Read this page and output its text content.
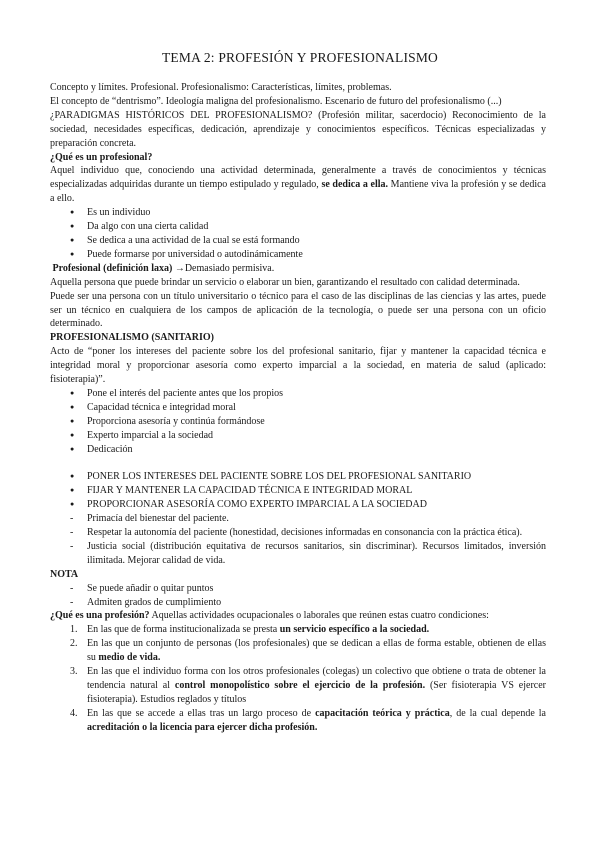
TEMA 2: PROFESIÓN Y PROFESIONALISMO

Concepto y límites. Profesional. Profesionalismo: Características, límites, problemas.

El concepto de “dentrismo”. Ideología maligna del profesionalismo. Escenario de futuro del profesionalismo (...)

¿PARADIGMAS HISTÓRICOS DEL PROFESIONALISMO? (Profesión militar, sacerdocio) Reconocimiento de la sociedad, necesidades específicas, dedicación, aprendizaje y conocimientos específicos. Técnicas especializadas y preparación concreta.

¿Qué es un profesional?

Aquel individuo que, conociendo una actividad determinada, generalmente a través de conocimientos y técnicas especializadas adquiridas durante un tiempo estipulado y regulado, se dedica a ella. Mantiene viva la profesión y se dedica a ello.

● Es un individuo
● Da algo con una cierta calidad
● Se dedica a una actividad de la cual se está formando
● Puede formarse por universidad o autodinámicamente

Profesional (definición laxa) →Demasiado permisiva.

Aquella persona que puede brindar un servicio o elaborar un bien, garantizando el resultado con calidad determinada.

Puede ser una persona con un título universitario o técnico para el caso de las disciplinas de las ciencias y las artes, puede ser un técnico en cualquiera de los campos de aplicación de la tecnología, o puede ser una persona con un oficio determinado.

PROFESIONALISMO (SANITARIO)

Acto de “poner los intereses del paciente sobre los del profesional sanitario, fijar y mantener la capacidad técnica e integridad moral y proporcionar asesoría como experto imparcial a la sociedad, en materia de salud (aplicado: fisioterapia)”.

● Pone el interés del paciente antes que los propios
● Capacidad técnica e integridad moral
● Proporciona asesoría y continúa formándose
● Experto imparcial a la sociedad
● Dedicación
● PONER LOS INTERESES DEL PACIENTE SOBRE LOS DEL PROFESIONAL SANITARIO
● FIJAR Y MANTENER LA CAPACIDAD TÉCNICA E INTEGRIDAD MORAL
● PROPORCIONAR ASESORÍA COMO EXPERTO IMPARCIAL A LA SOCIEDAD
- Primacía del bienestar del paciente.
- Respetar la autonomía del paciente (honestidad, decisiones informadas en consonancia con la práctica ética).
- Justicia social (distribución equitativa de recursos sanitarios, sin discriminar). Recursos limitados, inversión ilimitada. Mejorar calidad de vida.

NOTA

- Se puede añadir o quitar puntos
- Admiten grados de cumplimiento

¿Qué es una profesión? Aquellas actividades ocupacionales o laborales que reúnen estas cuatro condiciones:

1. En las que de forma institucionalizada se presta un servicio específico a la sociedad.
2. En las que un conjunto de personas (los profesionales) que se dedican a ellas de forma estable, obtienen de ellas su medio de vida.
3. En las que el individuo forma con los otros profesionales (colegas) un colectivo que obtiene o trata de obtener la tendencia natural al control monopolístico sobre el ejercicio de la profesión. (Ser fisioterapia VS ejercer fisioterapia). Estudios reglados y títulos
4. En las que se accede a ellas tras un largo proceso de capacitación teórica y práctica, de la cual depende la acreditación o la licencia para ejercer dicha profesión.
